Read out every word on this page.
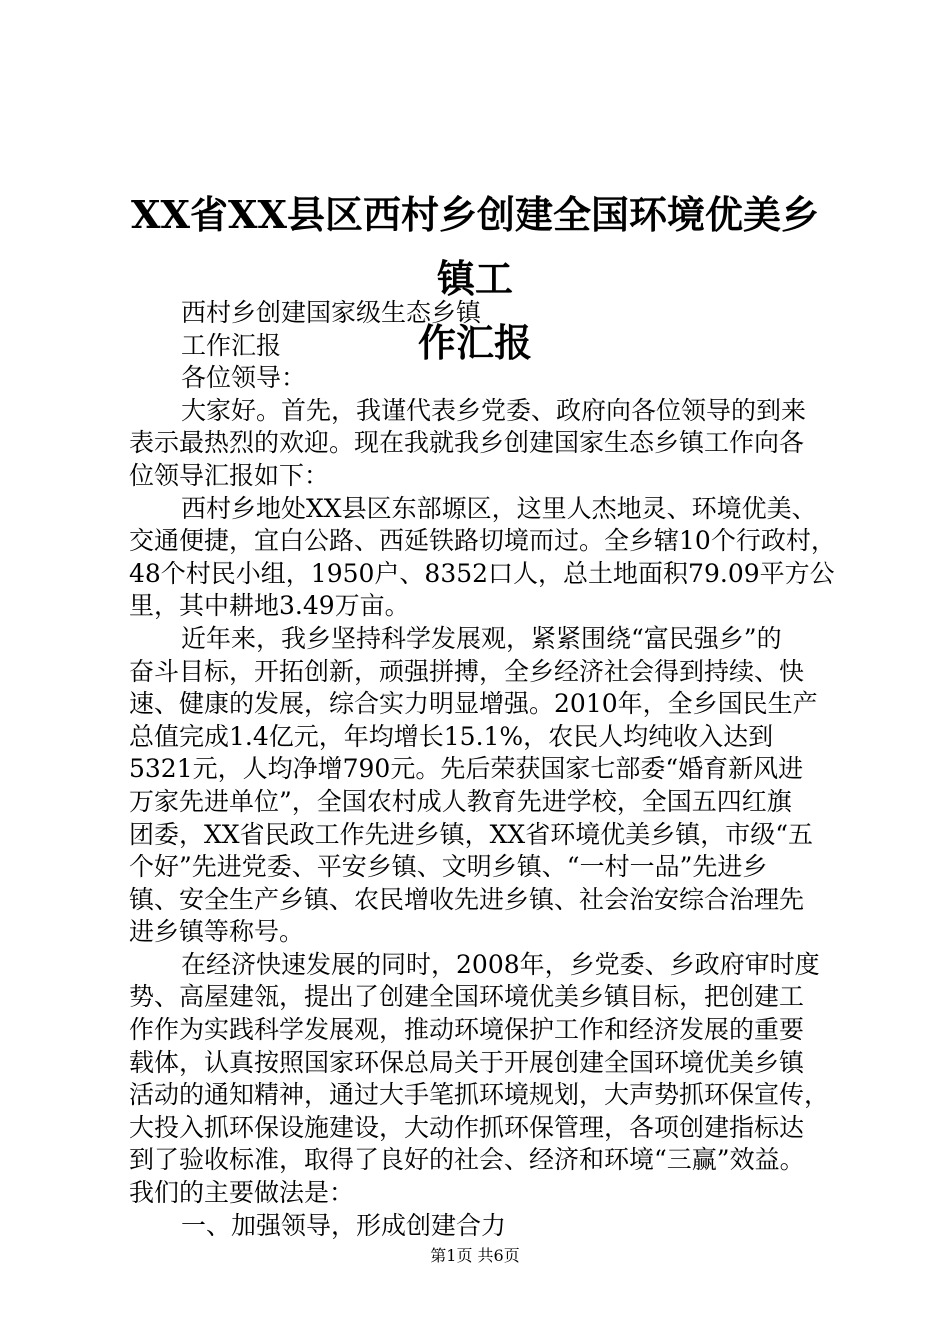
XX省XX县区西村乡创建全国环境优美乡镇工
作汇报
西村乡创建国家级生态乡镇
工作汇报
各位领导：
大家好。首先，我谨代表乡党委、政府向各位领导的到来
表示最热烈的欢迎。现在我就我乡创建国家生态乡镇工作向各
位领导汇报如下：
西村乡地处XX县区东部塬区，这里人杰地灵、环境优美、
交通便捷，宜白公路、西延铁路切境而过。全乡辖10个行政村，
48个村民小组，1950户、8352口人，总土地面积79.09平方公
里，其中耕地3.49万亩。
近年来，我乡坚持科学发展观，紧紧围绕“富民强乡”的
奋斗目标，开拓创新，顽强拼搏，全乡经济社会得到持续、快
速、健康的发展，综合实力明显增强。2010年，全乡国民生产
总值完成1.4亿元，年均增长15.1%，农民人均纯收入达到
5321元，人均净增790元。先后荣获国家七部委“婚育新风进
万家先进单位”，全国农村成人教育先进学校，全国五四红旗
团委，XX省民政工作先进乡镇，XX省环境优美乡镇，市级“五
个好”先进党委、平安乡镇、文明乡镇、“一村一品”先进乡
镇、安全生产乡镇、农民增收先进乡镇、社会治安综合治理先
进乡镇等称号。
在经济快速发展的同时，2008年，乡党委、乡政府审时度
势、高屋建瓴，提出了创建全国环境优美乡镇目标，把创建工
作作为实践科学发展观，推动环境保护工作和经济发展的重要
载体，认真按照国家环保总局关于开展创建全国环境优美乡镇
活动的通知精神，通过大手笔抓环境规划，大声势抓环保宣传，
大投入抓环保设施建设，大动作抓环保管理，各项创建指标达
到了验收标准，取得了良好的社会、经济和环境“三赢”效益。
我们的主要做法是：
一、加强领导，形成创建合力
第1页 共6页
